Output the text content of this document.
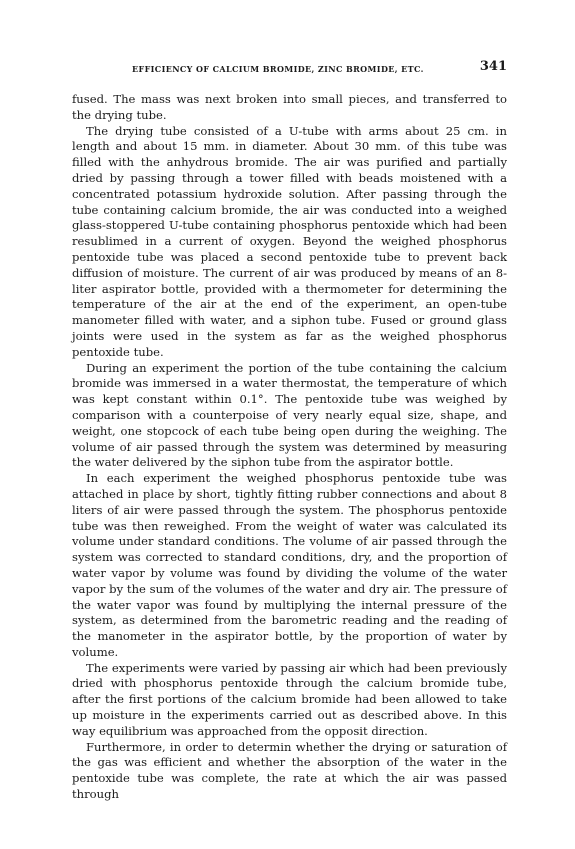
EFFICIENCY OF CALCIUM BROMIDE, ZINC BROMIDE, ETC.	341

fused. The mass was next broken into small pieces, and transferred to the drying tube.

The drying tube consisted of a U-tube with arms about 25 cm. in length and about 15 mm. in diameter. About 30 mm. of this tube was filled with the anhydrous bromide. The air was purified and partially dried by passing through a tower filled with beads moistened with a concentrated potassium hydroxide solution. After passing through the tube containing calcium bromide, the air was conducted into a weighed glass-stoppered U-tube containing phosphorus pentoxide which had been resublimed in a current of oxygen. Beyond the weighed phosphorus pentoxide tube was placed a second pentoxide tube to prevent back diffusion of moisture. The current of air was produced by means of an 8-liter aspirator bottle, provided with a thermometer for determining the temperature of the air at the end of the experiment, an open-tube manometer filled with water, and a siphon tube. Fused or ground glass joints were used in the system as far as the weighed phosphorus pentoxide tube.

During an experiment the portion of the tube containing the calcium bromide was immersed in a water thermostat, the temperature of which was kept constant within 0.1°. The pentoxide tube was weighed by comparison with a counterpoise of very nearly equal size, shape, and weight, one stopcock of each tube being open during the weighing. The volume of air passed through the system was determined by measuring the water delivered by the siphon tube from the aspirator bottle.

In each experiment the weighed phosphorus pentoxide tube was attached in place by short, tightly fitting rubber connections and about 8 liters of air were passed through the system. The phosphorus pentoxide tube was then reweighed. From the weight of water was calculated its volume under standard conditions. The volume of air passed through the system was corrected to standard conditions, dry, and the proportion of water vapor by volume was found by dividing the volume of the water vapor by the sum of the volumes of the water and dry air. The pressure of the water vapor was found by multiplying the internal pressure of the system, as determined from the barometric reading and the reading of the manometer in the aspirator bottle, by the proportion of water by volume.

The experiments were varied by passing air which had been previously dried with phosphorus pentoxide through the calcium bromide tube, after the first portions of the calcium bromide had been allowed to take up moisture in the experiments carried out as described above. In this way equilibrium was approached from the opposit direction.

Furthermore, in order to determin whether the drying or saturation of the gas was efficient and whether the absorption of the water in the pentoxide tube was complete, the rate at which the air was passed through
